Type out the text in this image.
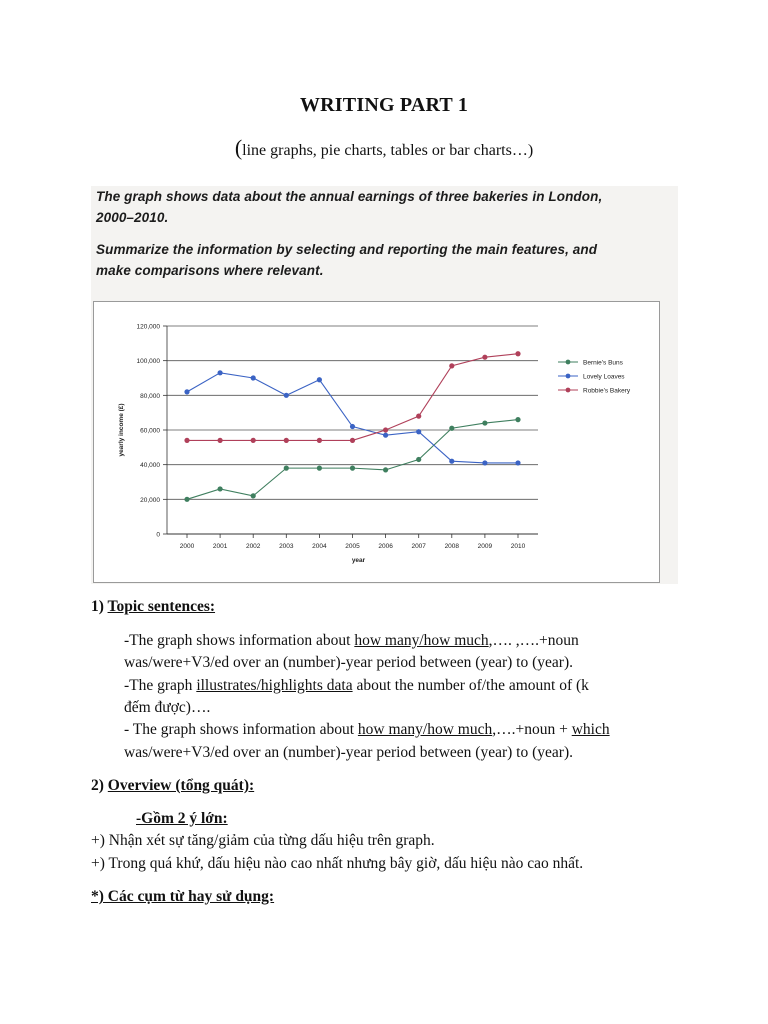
WRITING PART 1
(line graphs, pie charts, tables or bar charts…)
The graph shows data about the annual earnings of three bakeries in London,
2000–2010.
Summarize the information by selecting and reporting the main features, and
make comparisons where relevant.
0
20,000
40,000
60,000
80,000
100,000
120,000
2000	2001	2002	2003	2004	2005	2006	2007	2008	2009	2010
year
yearly income (£)
Bernie's Buns
Lovely Loaves
Robbie's Bakery
1) Topic sentences:
-The graph shows information about how many/how much,…. ,….+noun
was/were+V3/ed over an (number)-year period between (year) to (year).
-The graph illustrates/highlights data about the number of/the amount of (k
đếm được)….
- The graph shows information about how many/how much,….+noun + which
was/were+V3/ed over an (number)-year period between (year) to (year).
2) Overview (tổng quát):
-Gồm 2 ý lớn:
+) Nhận xét sự tăng/giảm của từng dấu hiệu trên graph.
+) Trong quá khứ, dấu hiệu nào cao nhất nhưng bây giờ, dấu hiệu nào cao nhất.
*) Các cụm từ hay sử dụng:
